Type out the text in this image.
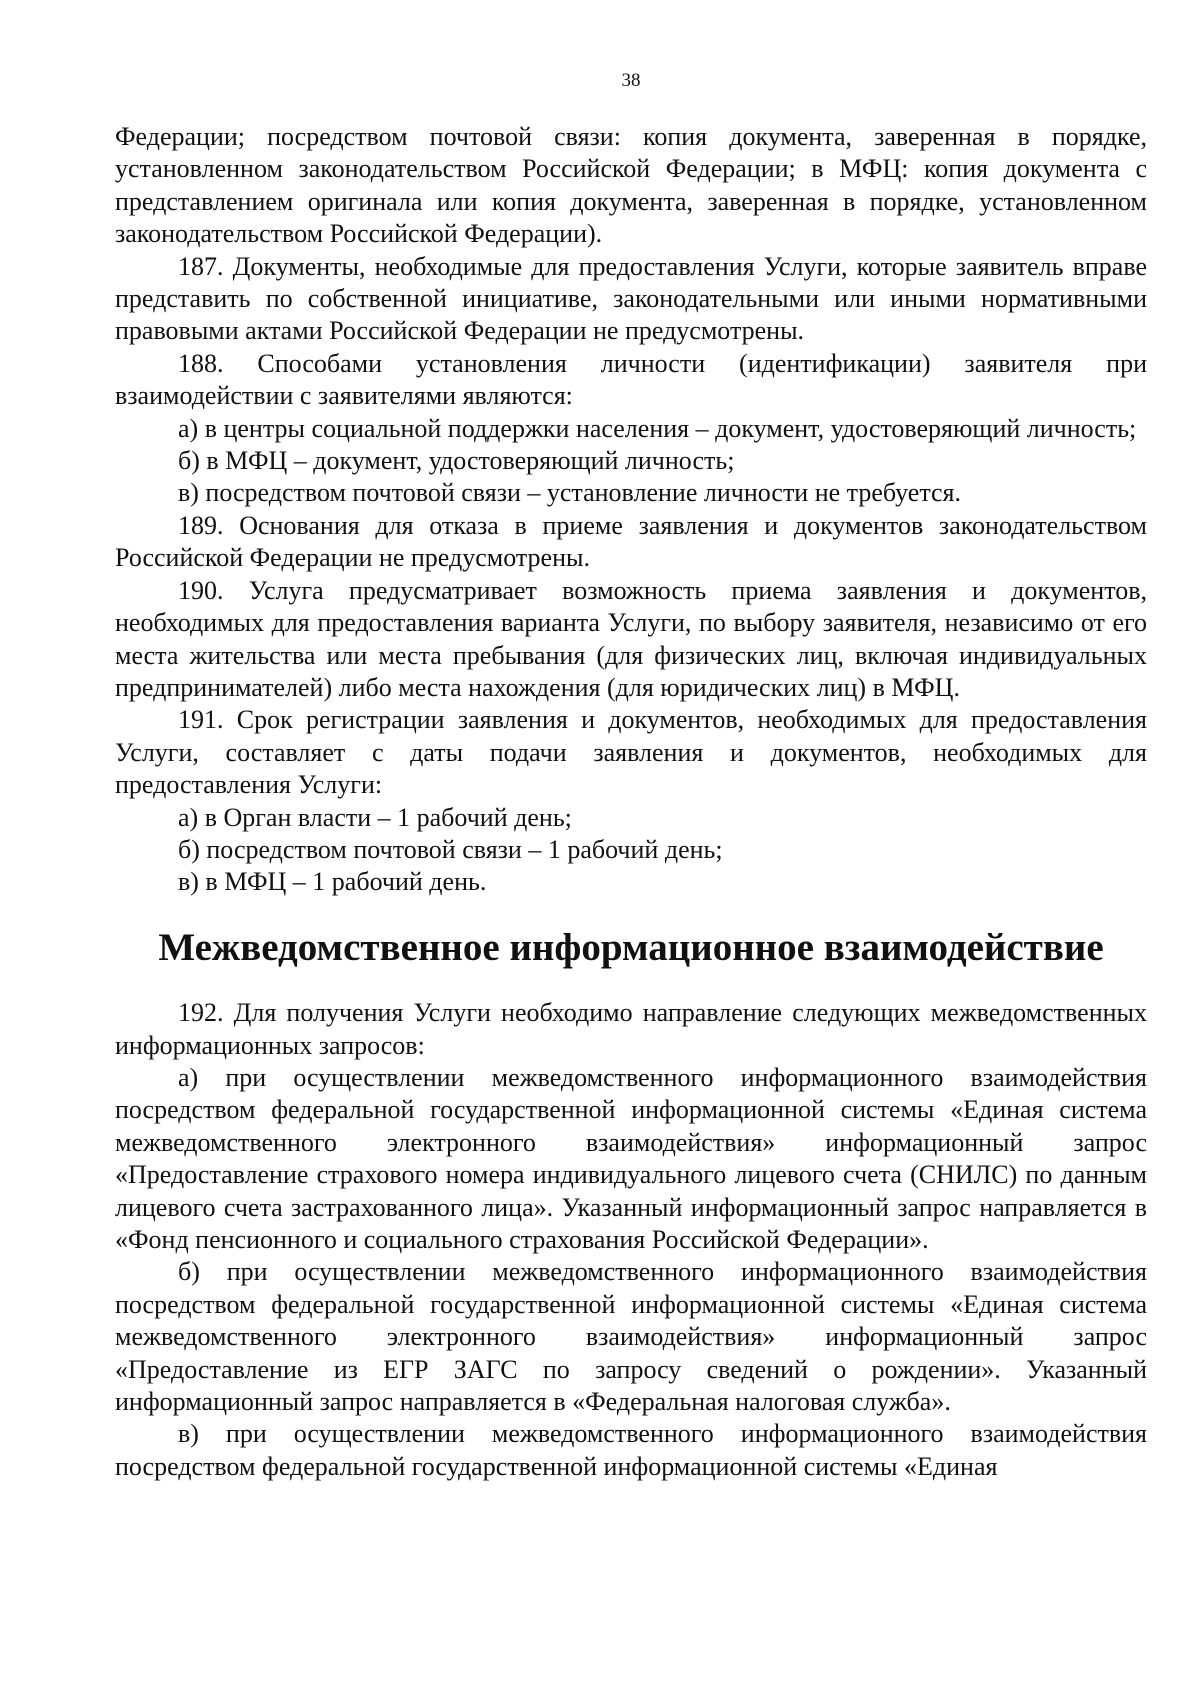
38

Федерации; посредством почтовой связи: копия документа, заверенная в порядке, установленном законодательством Российской Федерации; в МФЦ: копия документа с представлением оригинала или копия документа, заверенная в порядке, установленном законодательством Российской Федерации).

187. Документы, необходимые для предоставления Услуги, которые заявитель вправе представить по собственной инициативе, законодательными или иными нормативными правовыми актами Российской Федерации не предусмотрены.

188. Способами установления личности (идентификации) заявителя при взаимодействии с заявителями являются:

а) в центры социальной поддержки населения – документ, удостоверяющий личность;

б) в МФЦ – документ, удостоверяющий личность;

в) посредством почтовой связи – установление личности не требуется.

189. Основания для отказа в приеме заявления и документов законодательством Российской Федерации не предусмотрены.

190. Услуга предусматривает возможность приема заявления и документов, необходимых для предоставления варианта Услуги, по выбору заявителя, независимо от его места жительства или места пребывания (для физических лиц, включая индивидуальных предпринимателей) либо места нахождения (для юридических лиц) в МФЦ.

191. Срок регистрации заявления и документов, необходимых для предоставления Услуги, составляет с даты подачи заявления и документов, необходимых для предоставления Услуги:

а) в Орган власти – 1 рабочий день;

б) посредством почтовой связи – 1 рабочий день;

в) в МФЦ – 1 рабочий день.

Межведомственное информационное взаимодействие

192. Для получения Услуги необходимо направление следующих межведомственных информационных запросов:

а) при осуществлении межведомственного информационного взаимодействия посредством федеральной государственной информационной системы «Единая система межведомственного электронного взаимодействия» информационный запрос «Предоставление страхового номера индивидуального лицевого счета (СНИЛС) по данным лицевого счета застрахованного лица». Указанный информационный запрос направляется в «Фонд пенсионного и социального страхования Российской Федерации».

б) при осуществлении межведомственного информационного взаимодействия посредством федеральной государственной информационной системы «Единая система межведомственного электронного взаимодействия» информационный запрос «Предоставление из ЕГР ЗАГС по запросу сведений о рождении». Указанный информационный запрос направляется в «Федеральная налоговая служба».

в) при осуществлении межведомственного информационного взаимодействия посредством федеральной государственной информационной системы «Единая
